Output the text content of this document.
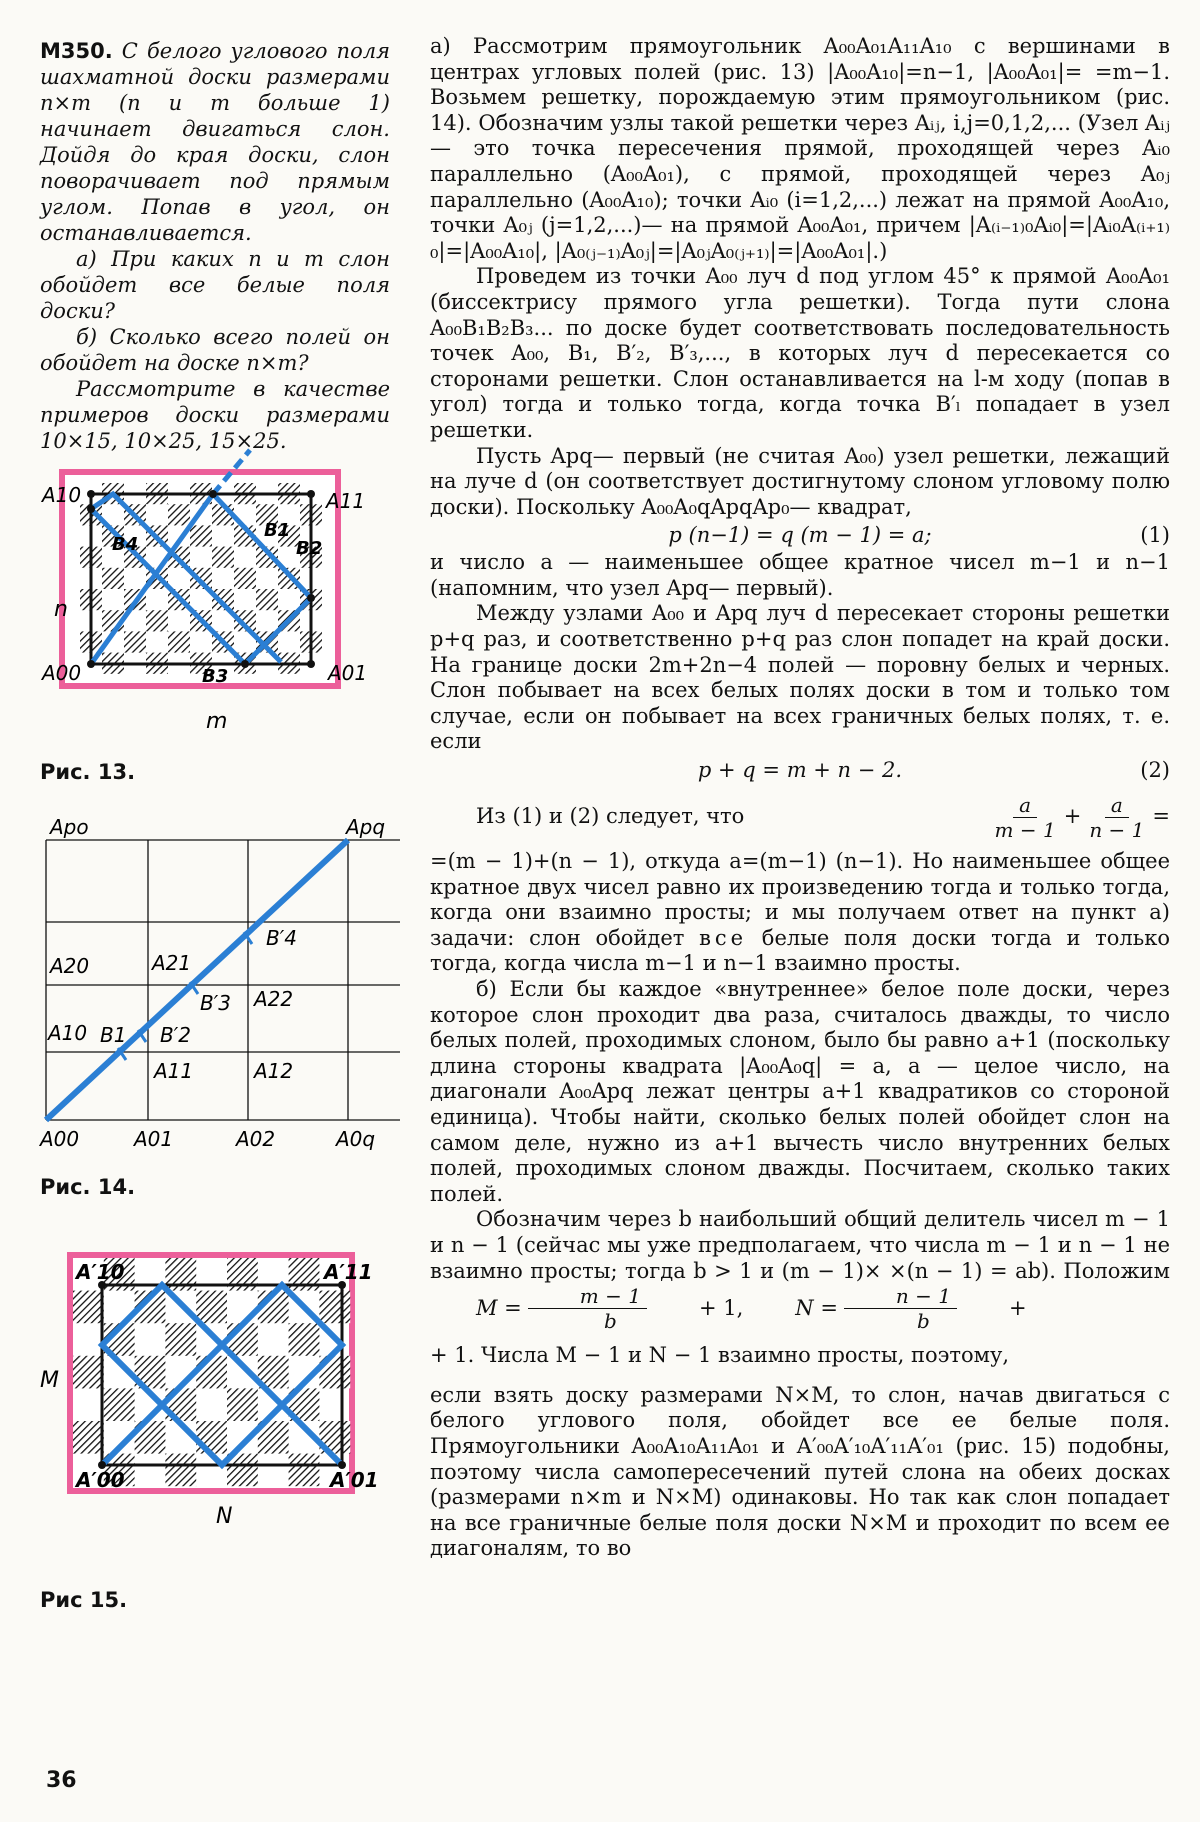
М350. С белого углового поля шахматной доски размерами n×m (n и m больше 1) начинает двигаться слон. Дойдя до края доски, слон поворачивает под прямым углом. Попав в угол, он останавливается.

а) При каких n и m слон обойдет все белые поля доски?

б) Сколько всего полей он обойдет на доске n×m?

Рассмотрите в качестве примеров доски размерами 10×15, 10×25, 15×25.

A10	A11
A00	A01
n
m
B1
B2
B3
B4
Рис. 13.
Apo	Apq
A20	A21
A22
A10
A11	A12
A00	A01	A02	A0q
B1 B′2
B′3
B′4
Рис. 14.
A′10	A′11
A′00	A′01
M
N
Рис 15.

а) Рассмотрим прямоугольник A₀₀A₀₁A₁₁A₁₀ с вершинами в центрах угловых полей (рис. 13) |A₀₀A₁₀|=n−1, |A₀₀A₀₁|= =m−1. Возьмем решетку, порождаемую этим прямоугольником (рис. 14). Обозначим узлы такой решетки через Aᵢⱼ, i,j=0,1,2,... (Узел Aᵢⱼ— это точка пересечения прямой, проходящей через Aᵢ₀ параллельно (A₀₀A₀₁), с прямой, проходящей через A₀ⱼ параллельно (A₀₀A₁₀); точки Aᵢ₀ (i=1,2,...) лежат на прямой A₀₀A₁₀, точки A₀ⱼ (j=1,2,...)— на прямой A₀₀A₀₁, причем |A₍ᵢ₋₁₎₀Aᵢ₀|=|Aᵢ₀A₍ᵢ₊₁₎₀|=|A₀₀A₁₀|, |A₀₍ⱼ₋₁₎A₀ⱼ|=|A₀ⱼA₀₍ⱼ₊₁₎|=|A₀₀A₀₁|.)

Проведем из точки A₀₀ луч d под углом 45° к прямой A₀₀A₀₁ (биссектрису прямого угла решетки). Тогда пути слона A₀₀B₁B₂B₃... по доске будет соответствовать последовательность точек A₀₀, B₁, B′₂, B′₃,..., в которых луч d пересекается со сторонами решетки. Слон останавливается на l-м ходу (попав в угол) тогда и только тогда, когда точка B′ₗ попадает в узел решетки.

Пусть Apq— первый (не считая A₀₀) узел решетки, лежащий на луче d (он соответствует достигнутому слоном угловому полю доски). Поскольку A₀₀A₀qApqAp₀— квадрат,

p (n−1) = q (m − 1) = a;	(1)

и число a — наименьшее общее кратное чисел m−1 и n−1 (напомним, что узел Apq— первый).

Между узлами A₀₀ и Apq луч d пересекает стороны решетки p+q раз, и соответственно p+q раз слон попадет на край доски. На границе доски 2m+2n−4 полей — поровну белых и черных. Слон побывает на всех белых полях доски в том и только том случае, если он побывает на всех граничных белых полях, т. е. если

p + q = m + n − 2.	(2)
Из (1) и (2) следует, что	$\frac{a}{m - 1} + \frac{a}{n - 1}$ =

=(m − 1)+(n − 1), откуда a=(m−1) (n−1). Но наименьшее общее кратное двух чисел равно их произведению тогда и только тогда, когда они взаимно просты; и мы получаем ответ на пункт а) задачи: слон обойдет все белые поля доски тогда и только тогда, когда числа m−1 и n−1 взаимно просты.

б) Если бы каждое «внутреннее» белое поле доски, через которое слон проходит два раза, считалось дважды, то число белых полей, проходимых слоном, было бы равно a+1 (поскольку длина стороны квадрата |A₀₀A₀q| = a, a — целое число, на диагонали A₀₀Apq лежат центры a+1 квадратиков со стороной единица). Чтобы найти, сколько белых полей обойдет слон на самом деле, нужно из a+1 вычесть число внутренних белых полей, проходимых слоном дважды. Посчитаем, сколько таких полей.

Обозначим через b наибольший общий делитель чисел m − 1 и n − 1 (сейчас мы уже предполагаем, что числа m − 1 и n − 1 не взаимно просты; тогда b > 1 и (m − 1)× ×(n − 1) = ab). Положим
$M = \frac{m - 1}{b}$	+ 1,	$N = \frac{n - 1}{b}$	+

+ 1. Числа M − 1 и N − 1 взаимно просты, поэтому,

если взять доску размерами N×M, то слон, начав двигаться с белого углового поля, обойдет все ее белые поля. Прямоугольники A₀₀A₁₀A₁₁A₀₁ и A′₀₀A′₁₀A′₁₁A′₀₁ (рис. 15) подобны, поэтому числа самопересечений путей слона на обеих досках (размерами n×m и N×M) одинаковы. Но так как слон попадает на все граничные белые поля доски N×M и проходит по всем ее диагоналям, то во

36
